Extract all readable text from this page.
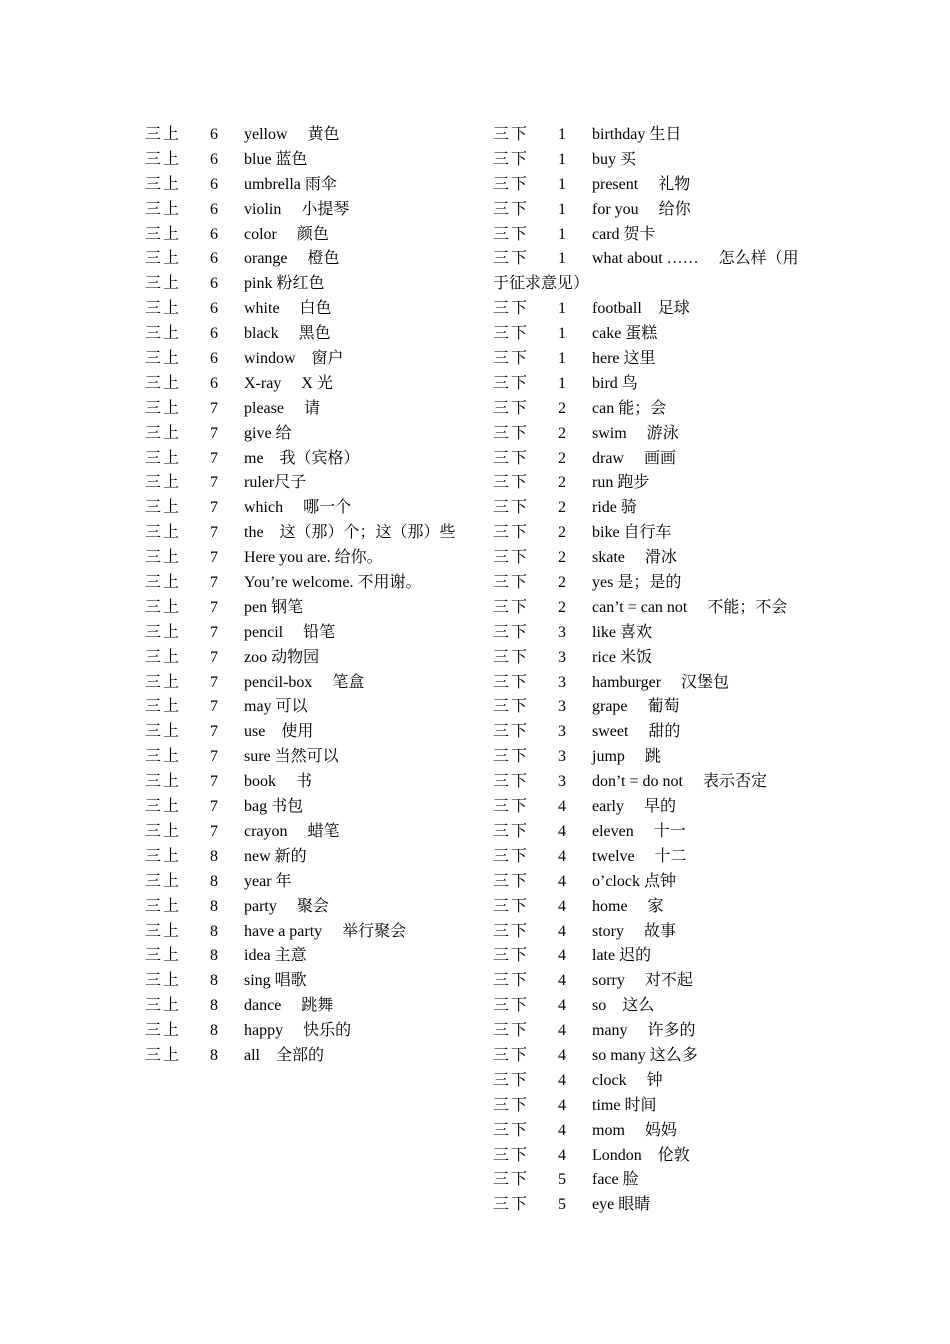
三上 6 yellow　 黄色
三上 6 blue 蓝色
三上 6 umbrella 雨伞
三上 6 violin　 小提琴
三上 6 color　 颜色
三上 6 orange　 橙色
三上 6 pink 粉红色
三上 6 white　 白色
三上 6 black　 黑色
三上 6 window　窗户
三上 6 X-ray　 X 光
三上 7 please　 请
三上 7 give 给
三上 7 me　我（宾格）
三上 7 ruler尺子
三上 7 which　 哪一个
三上 7 the　这（那）个；这（那）些
三上 7 Here you are. 给你。
三上 7 You’re welcome. 不用谢。
三上 7 pen 钢笔
三上 7 pencil　 铅笔
三上 7 zoo 动物园
三上 7 pencil-box　 笔盒
三上 7 may 可以
三上 7 use　使用
三上 7 sure 当然可以
三上 7 book　 书
三上 7 bag 书包
三上 7 crayon　 蜡笔
三上 8 new 新的
三上 8 year 年
三上 8 party　 聚会
三上 8 have a party　 举行聚会
三上 8 idea 主意
三上 8 sing 唱歌
三上 8 dance　 跳舞
三上 8 happy　 快乐的
三上 8 all　全部的
三下 1 birthday 生日
三下 1 buy 买
三下 1 present　 礼物
三下 1 for you　 给你
三下 1 card 贺卡
三下 1 what about ……　 怎么样（用
于征求意见）
三下 1 football　足球
三下 1 cake 蛋糕
三下 1 here 这里
三下 1 bird 鸟
三下 2 can 能；会
三下 2 swim　 游泳
三下 2 draw　 画画
三下 2 run 跑步
三下 2 ride 骑
三下 2 bike 自行车
三下 2 skate　 滑冰
三下 2 yes 是；是的
三下 2 can’t = can not　 不能；不会
三下 3 like 喜欢
三下 3 rice 米饭
三下 3 hamburger　 汉堡包
三下 3 grape　 葡萄
三下 3 sweet　 甜的
三下 3 jump　 跳
三下 3 don’t = do not　 表示否定
三下 4 early　 早的
三下 4 eleven　 十一
三下 4 twelve　 十二
三下 4 o’clock 点钟
三下 4 home　 家
三下 4 story　 故事
三下 4 late 迟的
三下 4 sorry　 对不起
三下 4 so　这么
三下 4 many　 许多的
三下 4 so many 这么多
三下 4 clock　 钟
三下 4 time 时间
三下 4 mom　 妈妈
三下 4 London　伦敦
三下 5 face 脸
三下 5 eye 眼睛
